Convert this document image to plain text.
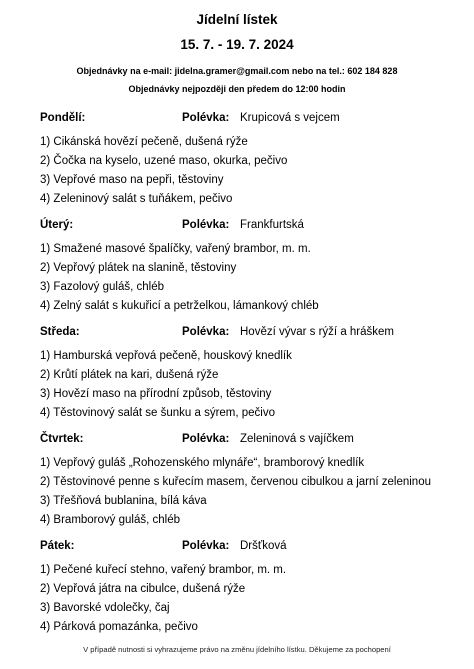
Jídelní lístek
15. 7. - 19. 7. 2024
Objednávky na e-mail: jidelna.gramer@gmail.com nebo na tel.: 602 184 828
Objednávky nejpozději den předem do 12:00 hodin
Pondělí:	Polévka: Krupicová s vejcem
1) Cikánská hovězí pečeně, dušená rýže
2) Čočka na kyselo, uzené maso, okurka, pečivo
3) Vepřové maso na pepři, těstoviny
4) Zeleninový salát s tuňákem, pečivo
Úterý:	Polévka: Frankfurtská
1) Smažené masové špalíčky, vařený brambor, m. m.
2) Vepřový plátek na slanině, těstoviny
3) Fazolový guláš, chléb
4) Zelný salát s kukuřicí a petrželkou, lámankový chléb
Středa:	Polévka: Hovězí vývar s rýží a hráškem
1) Hamburská vepřová pečeně, houskový knedlík
2) Krůtí plátek na kari, dušená rýže
3) Hovězí maso na přírodní způsob, těstoviny
4) Těstovinový salát se šunku a sýrem, pečivo
Čtvrtek:	Polévka: Zeleninová s vajíčkem
1) Vepřový guláš „Rohozenského mlynáře“, bramborový knedlík
2) Těstovinové penne s kuřecím masem, červenou cibulkou a jarní zeleninou
3) Třešňová bublanina, bílá káva
4) Bramborový guláš, chléb
Pátek:	Polévka: Dršťková
1) Pečené kuřecí stehno, vařený brambor, m. m.
2) Vepřová játra na cibulce, dušená rýže
3) Bavorské vdolečky, čaj
4) Párková pomazánka, pečivo
V případě nutnosti si vyhrazujeme právo na změnu jídelního lístku. Děkujeme za pochopení
